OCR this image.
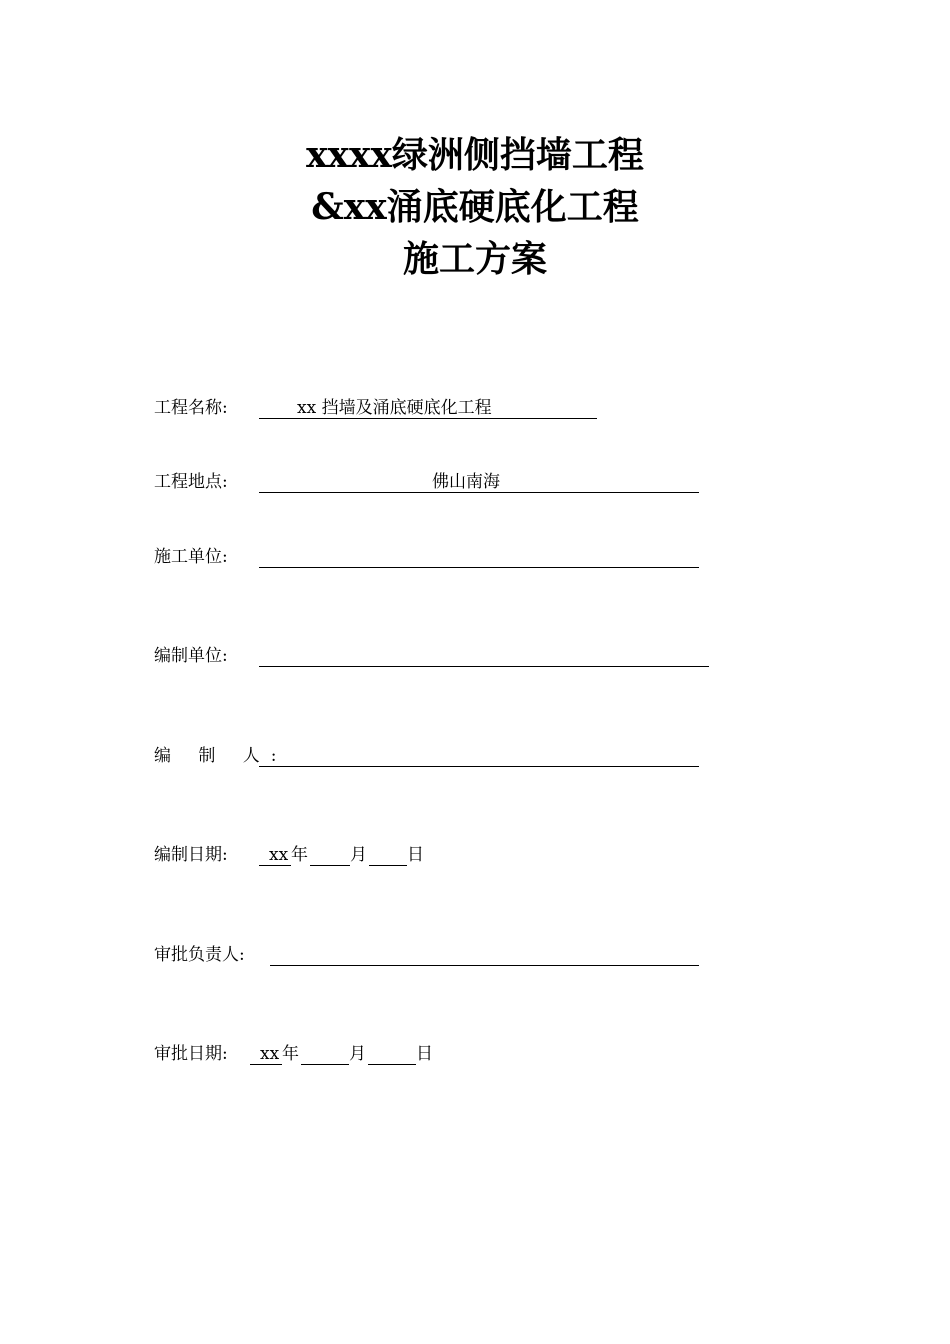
xxxx绿洲侧挡墙工程
&xx涌底硬底化工程
施工方案
工程名称:	xx 挡墙及涌底硬底化工程
工程地点:	佛山南海
施工单位:
编制单位:
编 制 人:
编制日期: xx 年 月 日
审批负责人:
审批日期: xx 年	月	日
